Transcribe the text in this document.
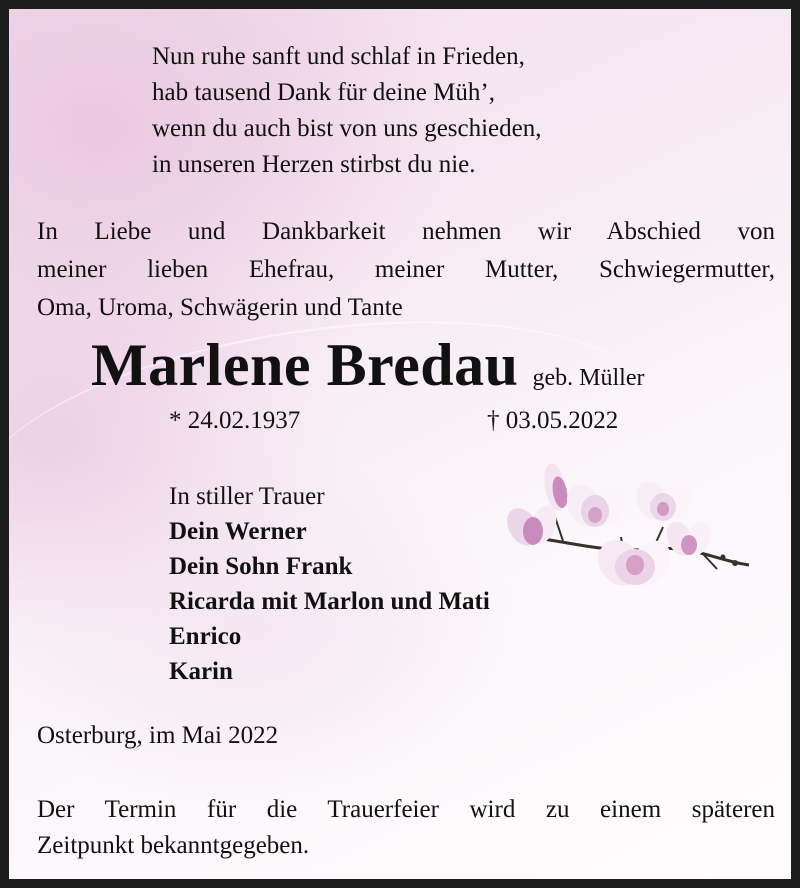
Nun ruhe sanft und schlaf in Frieden,
hab tausend Dank für deine Müh’,
wenn du auch bist von uns geschieden,
in unseren Herzen stirbst du nie.
In Liebe und Dankbarkeit nehmen wir Abschied von
meiner lieben Ehefrau, meiner Mutter, Schwiegermutter,
Oma, Uroma, Schwägerin und Tante
Marlene Bredau geb. Müller
* 24.02.1937	† 03.05.2022
In stiller Trauer
Dein Werner
Dein Sohn Frank
Ricarda mit Marlon und Mati
Enrico
Karin
Osterburg, im Mai 2022
Der Termin für die Trauerfeier wird zu einem späteren
Zeitpunkt bekanntgegeben.
